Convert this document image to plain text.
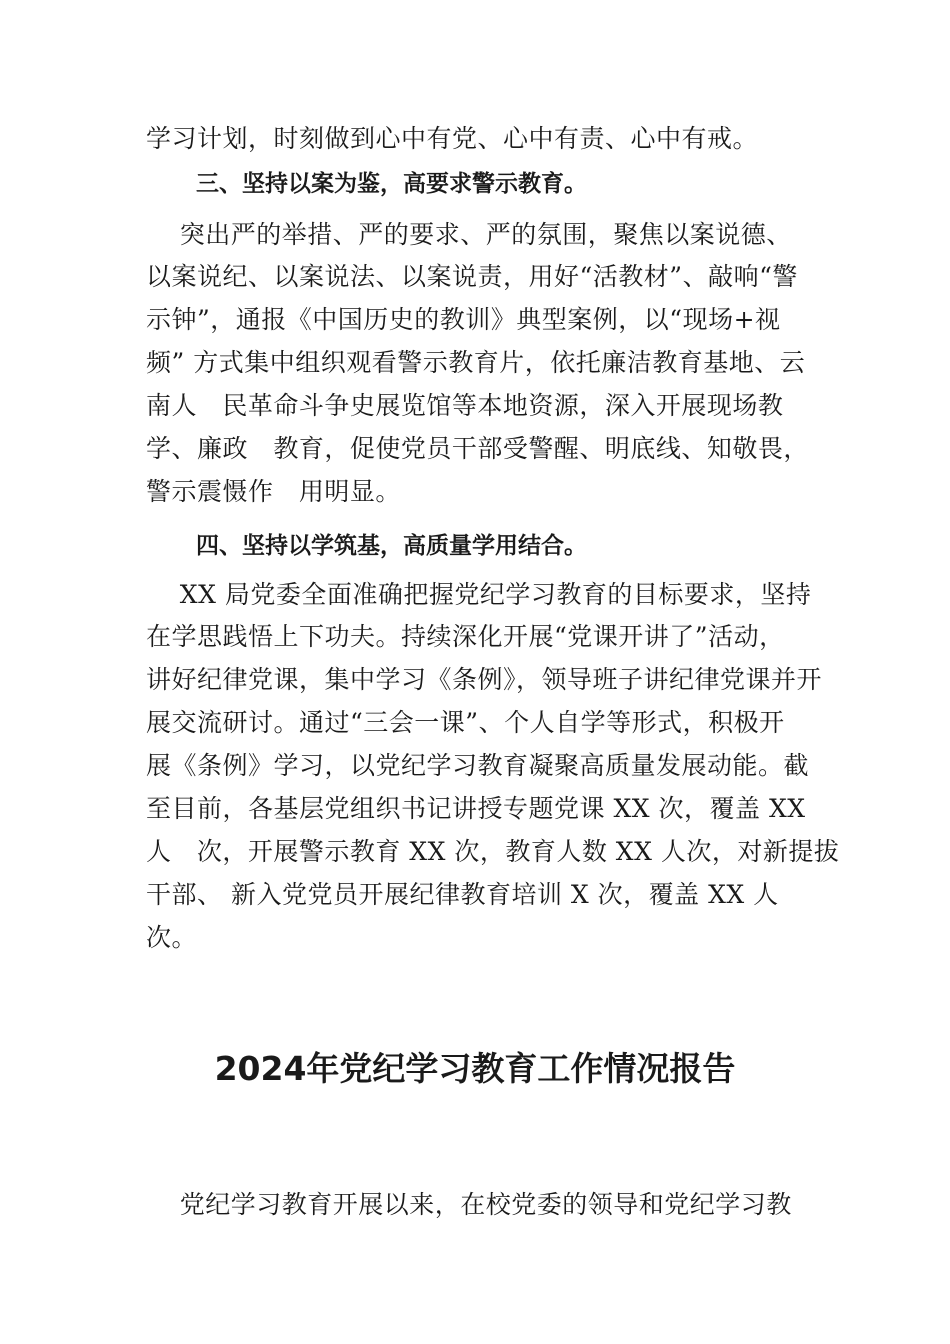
学习计划，时刻做到心中有党、心中有责、心中有戒。

三、坚持以案为鉴，高要求警示教育。

突出严的举措、严的要求、严的氛围，聚焦以案说德、

以案说纪、以案说法、以案说责，用好“活教材”、敲响“警

示钟”，通报《中国历史的教训》典型案例，以“现场+视

频” 方式集中组织观看警示教育片，依托廉洁教育基地、云

南人   民革命斗争史展览馆等本地资源，深入开展现场教

学、廉政   教育，促使党员干部受警醒、明底线、知敬畏，

警示震慑作   用明显。

四、坚持以学筑基，高质量学用结合。

XX 局党委全面准确把握党纪学习教育的目标要求，坚持

在学思践悟上下功夫。持续深化开展“党课开讲了”活动，

讲好纪律党课，集中学习《条例》，领导班子讲纪律党课并开

展交流研讨。通过“三会一课”、个人自学等形式，积极开

展《条例》学习，以党纪学习教育凝聚高质量发展动能。截

至目前，各基层党组织书记讲授专题党课 XX 次，覆盖 XX

人   次，开展警示教育 XX 次，教育人数 XX 人次，对新提拔

干部、 新入党党员开展纪律教育培训 X 次，覆盖 XX 人

次。

2024年党纪学习教育工作情况报告

党纪学习教育开展以来，在校党委的领导和党纪学习教
